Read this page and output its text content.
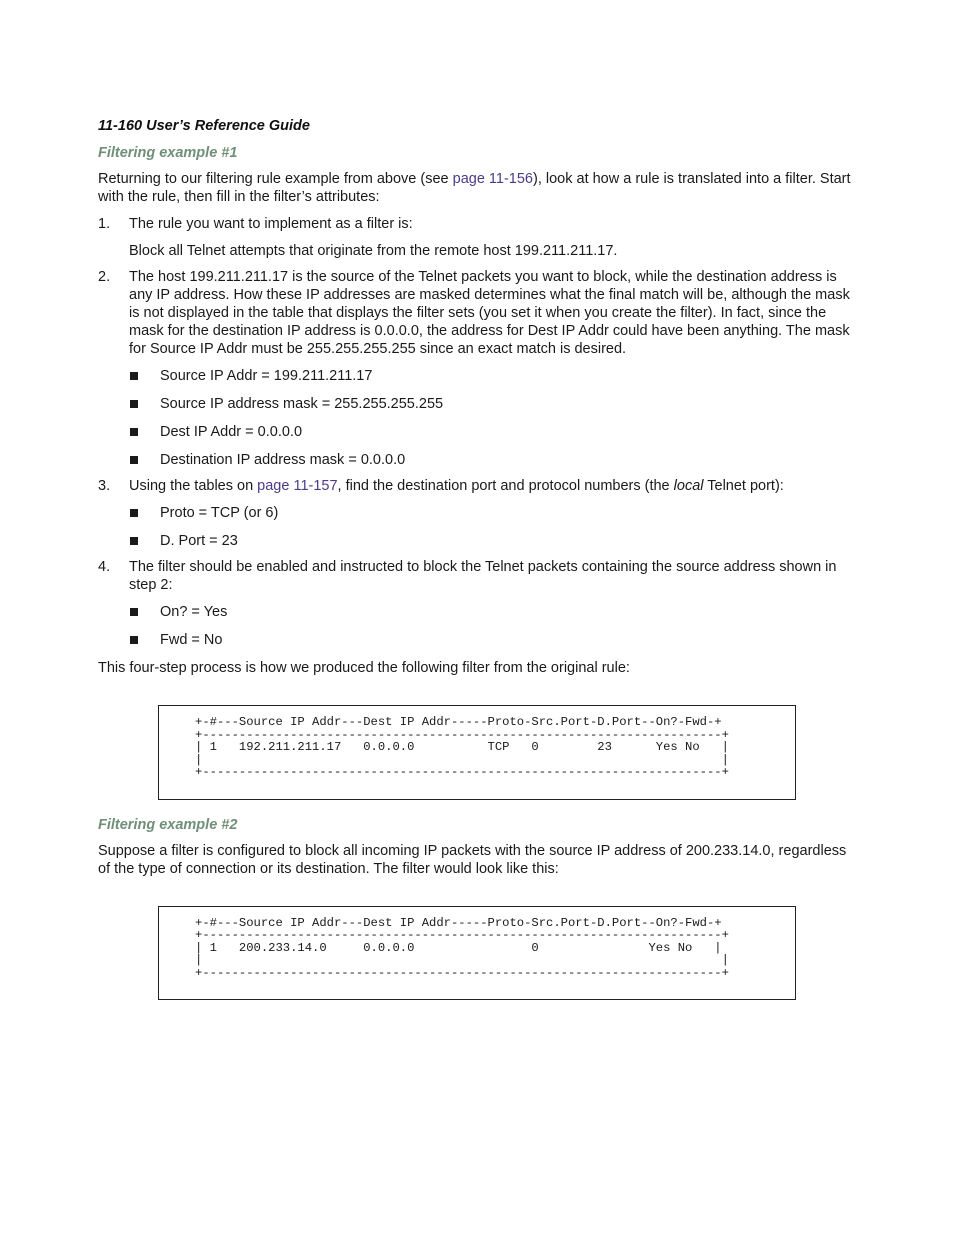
11-160 User’s Reference Guide
Filtering example #1

Returning to our filtering rule example from above (see page 11-156), look at how a rule is translated into a filter. Start with the rule, then fill in the filter’s attributes:

1. The rule you want to implement as a filter is:
Block all Telnet attempts that originate from the remote host 199.211.211.17.
2. The host 199.211.211.17 is the source of the Telnet packets you want to block, while the destination address is any IP address. How these IP addresses are masked determines what the final match will be, although the mask is not displayed in the table that displays the filter sets (you set it when you create the filter). In fact, since the mask for the destination IP address is 0.0.0.0, the address for Dest IP Addr could have been anything. The mask for Source IP Addr must be 255.255.255.255 since an exact match is desired.
Source IP Addr = 199.211.211.17
Source IP address mask = 255.255.255.255
Dest IP Addr = 0.0.0.0
Destination IP address mask = 0.0.0.0
3. Using the tables on page 11-157, find the destination port and protocol numbers (the local Telnet port):
Proto = TCP (or 6)
D. Port = 23
4. The filter should be enabled and instructed to block the Telnet packets containing the source address shown in step 2:
On? = Yes
Fwd = No

This four-step process is how we produced the following filter from the original rule:

+-#---Source IP Addr---Dest IP Addr-----Proto-Src.Port-D.Port--On?-Fwd-+
+-----------------------------------------------------------------------+
| 1   192.211.211.17   0.0.0.0          TCP   0        23      Yes No   |
|                                                                       |
+-----------------------------------------------------------------------+
Filtering example #2

Suppose a filter is configured to block all incoming IP packets with the source IP address of 200.233.14.0, regardless of the type of connection or its destination. The filter would look like this:

+-#---Source IP Addr---Dest IP Addr-----Proto-Src.Port-D.Port--On?-Fwd-+
+-----------------------------------------------------------------------+
| 1   200.233.14.0     0.0.0.0                0               Yes No   |
|                                                                       |
+-----------------------------------------------------------------------+
